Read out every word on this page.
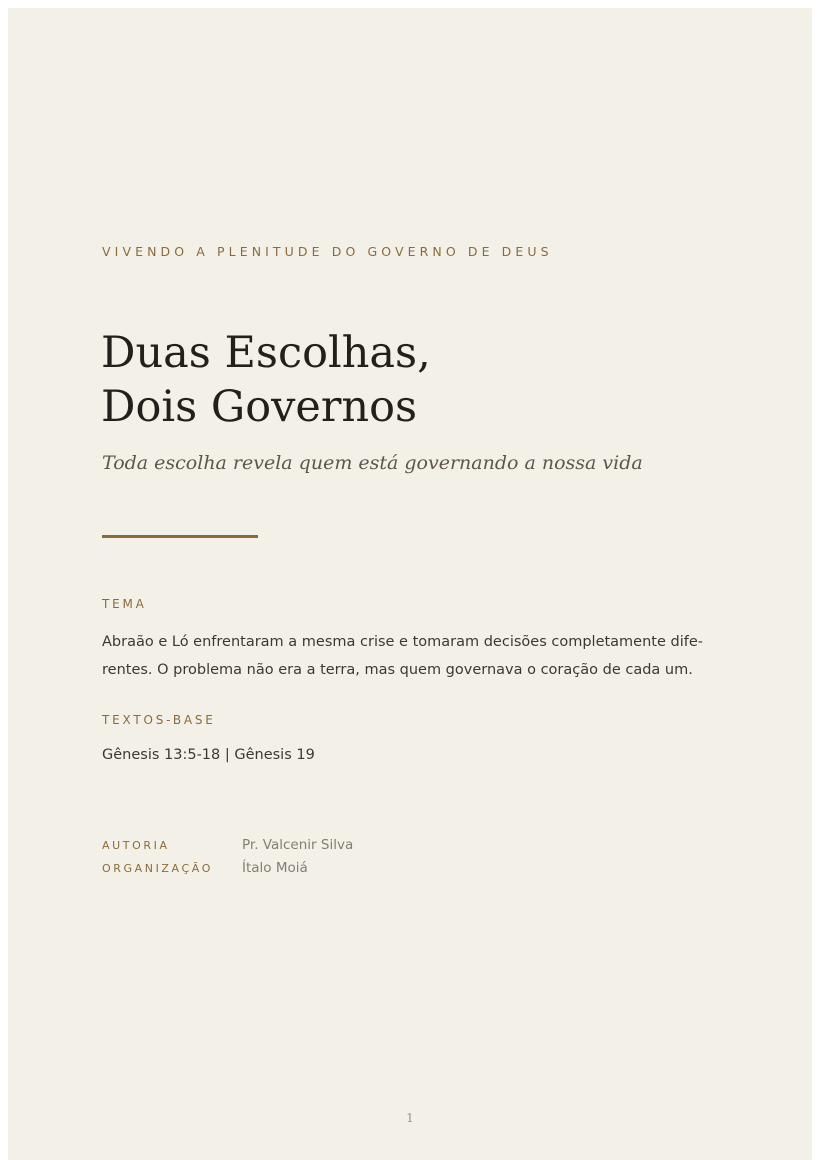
VIVENDO A PLENITUDE DO GOVERNO DE DEUS
Duas Escolhas,
Dois Governos
Toda escolha revela quem está governando a nossa vida
TEMA
Abraão e Ló enfrentaram a mesma crise e tomaram decisões completamente dife-
rentes. O problema não era a terra, mas quem governava o coração de cada um.
TEXTOS-BASE
Gênesis 13:5-18 | Gênesis 19
AUTORIA	Pr. Valcenir Silva
ORGANIZAÇÃO Ítalo Moiá
1
